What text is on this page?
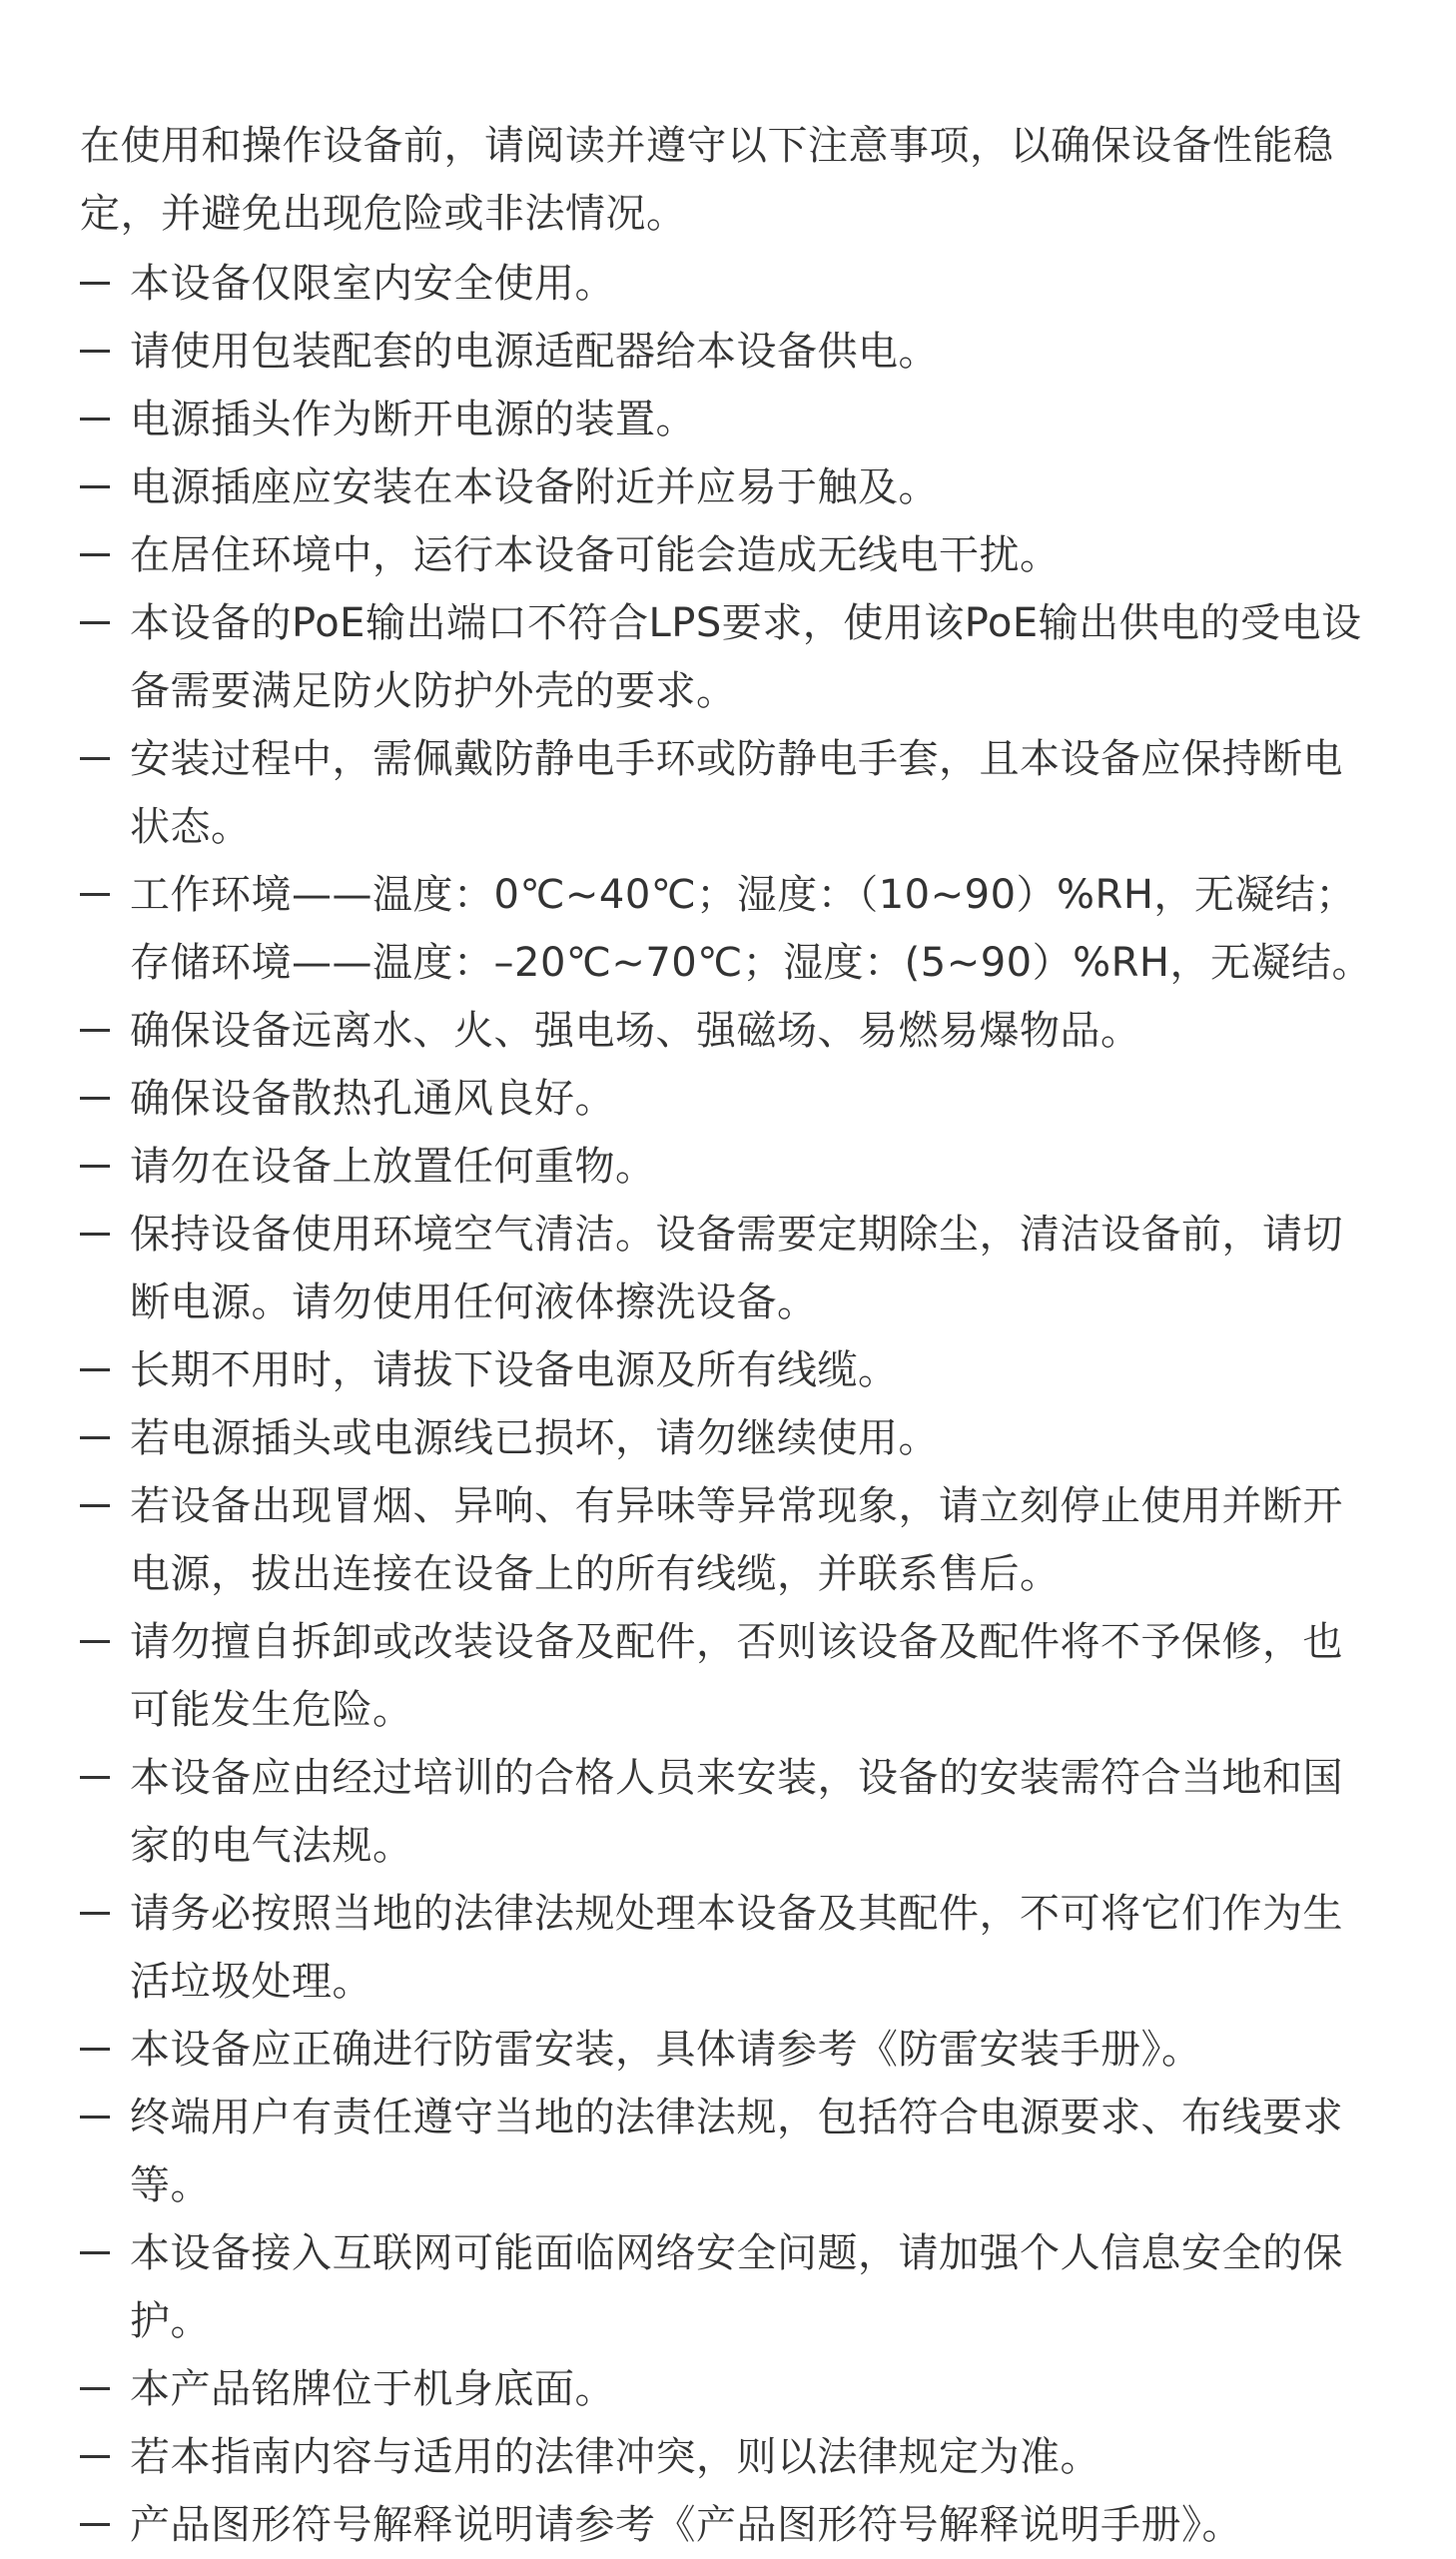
在使用和操作设备前，请阅读并遵守以下注意事项，以确保设备性能稳定，并避免出现危险或非法情况。

本设备仅限室内安全使用。
请使用包装配套的电源适配器给本设备供电。
电源插头作为断开电源的装置。
电源插座应安装在本设备附近并应易于触及。
在居住环境中，运行本设备可能会造成无线电干扰。
本设备的PoE输出端口不符合LPS要求，使用该PoE输出供电的受电设备需要满足防火防护外壳的要求。
安装过程中，需佩戴防静电手环或防静电手套，且本设备应保持断电状态。
工作环境——温度：0℃~40℃；湿度：（10~90）%RH，无凝结；存储环境——温度：–20℃~70℃；湿度：(5~90）%RH，无凝结。
确保设备远离水、火、强电场、强磁场、易燃易爆物品。
确保设备散热孔通风良好。
请勿在设备上放置任何重物。
保持设备使用环境空气清洁。设备需要定期除尘，清洁设备前，请切断电源。请勿使用任何液体擦洗设备。
长期不用时，请拔下设备电源及所有线缆。
若电源插头或电源线已损坏，请勿继续使用。
若设备出现冒烟、异响、有异味等异常现象，请立刻停止使用并断开电源，拔出连接在设备上的所有线缆，并联系售后。
请勿擅自拆卸或改装设备及配件，否则该设备及配件将不予保修，也可能发生危险。
本设备应由经过培训的合格人员来安装，设备的安装需符合当地和国家的电气法规。
请务必按照当地的法律法规处理本设备及其配件，不可将它们作为生活垃圾处理。
本设备应正确进行防雷安装，具体请参考《防雷安装手册》。
终端用户有责任遵守当地的法律法规，包括符合电源要求、布线要求等。
本设备接入互联网可能面临网络安全问题，请加强个人信息安全的保护。
本产品铭牌位于机身底面。
若本指南内容与适用的法律冲突，则以法律规定为准。
产品图形符号解释说明请参考《产品图形符号解释说明手册》。
